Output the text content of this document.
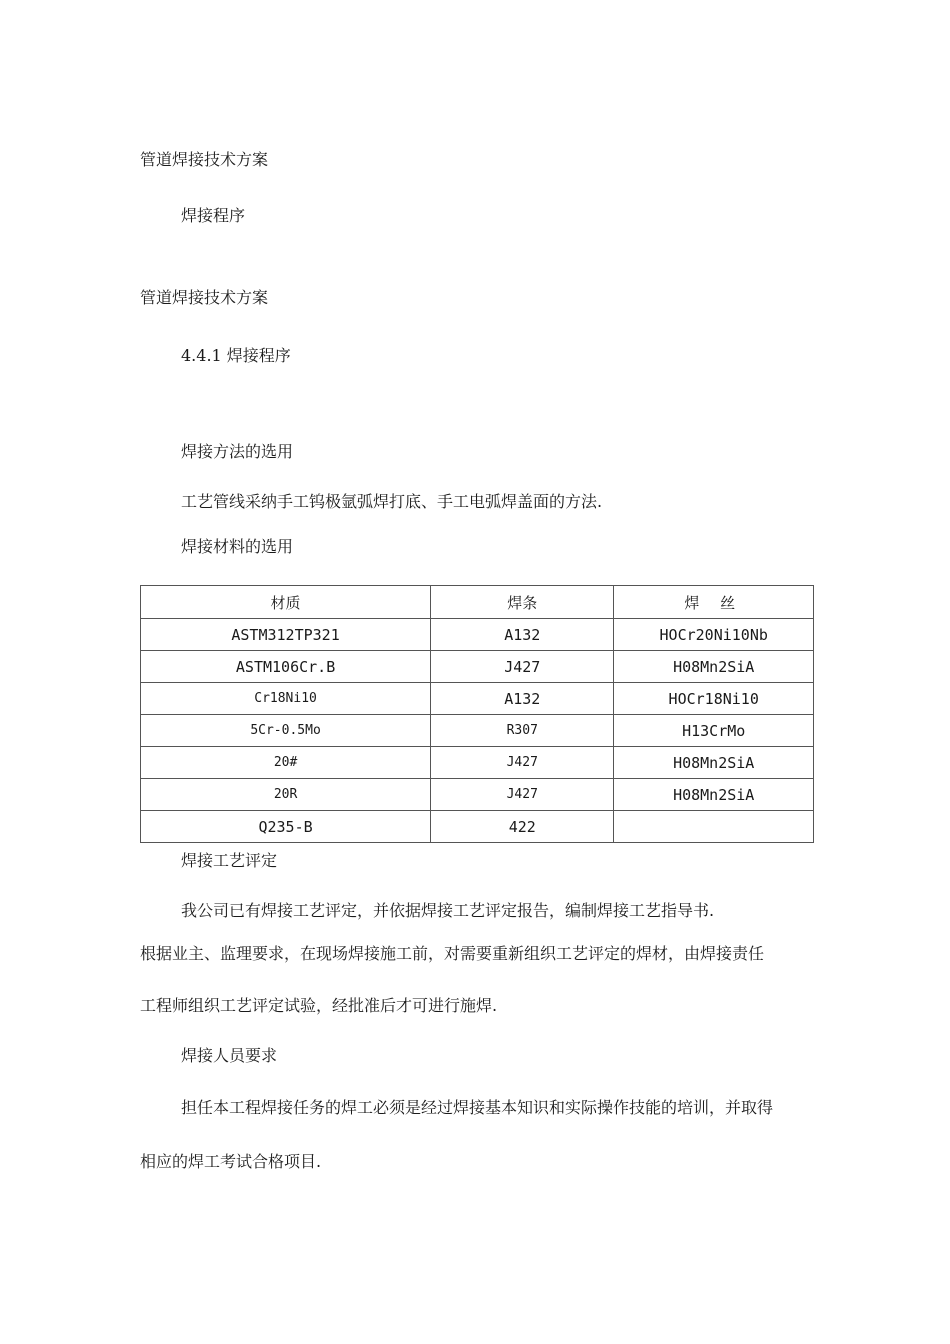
管道焊接技术方案
焊接程序
管道焊接技术方案
4.4.1 焊接程序
焊接方法的选用
工艺管线采纳手工钨极氩弧焊打底、手工电弧焊盖面的方法.
焊接材料的选用
材质	焊条	焊 丝
ASTM312TP321	A132	HOCr20Ni10Nb
ASTM106Cr.B	J427	H08Mn2SiA
Cr18Ni10	A132	HOCr18Ni10
5Cr-0.5Mo	R307	H13CrMo
20#	J427	H08Mn2SiA
20R	J427	H08Mn2SiA
Q235-B	422	
焊接工艺评定
我公司已有焊接工艺评定，并依据焊接工艺评定报告，编制焊接工艺指导书.
根据业主、监理要求，在现场焊接施工前，对需要重新组织工艺评定的焊材，由焊接责任
工程师组织工艺评定试验，经批准后才可进行施焊.
焊接人员要求
担任本工程焊接任务的焊工必须是经过焊接基本知识和实际操作技能的培训，并取得
相应的焊工考试合格项目.
